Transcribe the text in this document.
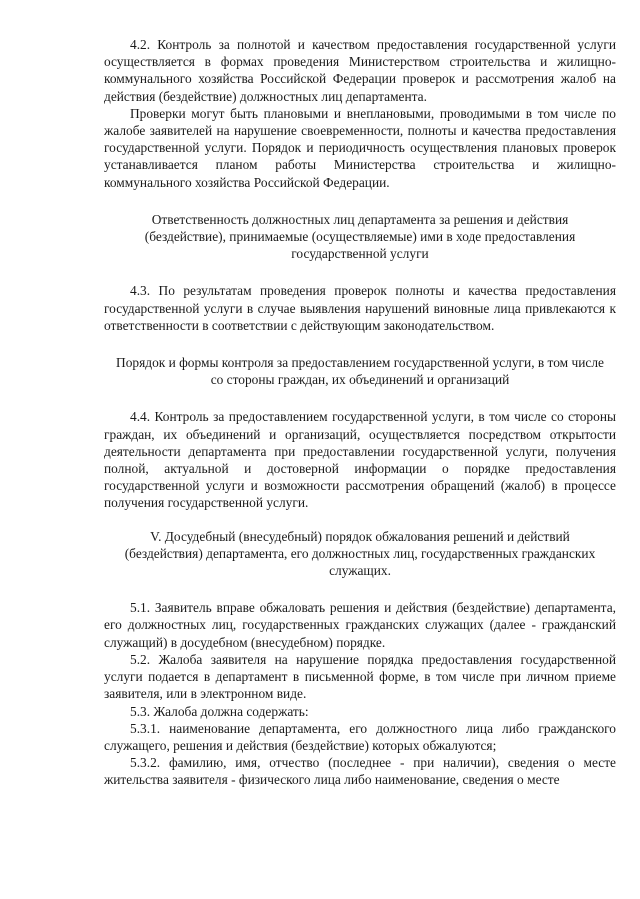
4.2. Контроль за полнотой и качеством предоставления государственной услуги осуществляется в формах проведения Министерством строительства и жилищно-коммунального хозяйства Российской Федерации проверок и рассмотрения жалоб на действия (бездействие) должностных лиц департамента.

Проверки могут быть плановыми и внеплановыми, проводимыми в том числе по жалобе заявителей на нарушение своевременности, полноты и качества предоставления государственной услуги. Порядок и периодичность осуществления плановых проверок устанавливается планом работы Министерства строительства и жилищно-коммунального хозяйства Российской Федерации.

Ответственность должностных лиц департамента за решения и действия (бездействие), принимаемые (осуществляемые) ими в ходе предоставления государственной услуги

4.3. По результатам проведения проверок полноты и качества предоставления государственной услуги в случае выявления нарушений виновные лица привлекаются к ответственности в соответствии с действующим законодательством.

Порядок и формы контроля за предоставлением государственной услуги, в том числе со стороны граждан, их объединений и организаций

4.4. Контроль за предоставлением государственной услуги, в том числе со стороны граждан, их объединений и организаций, осуществляется посредством открытости деятельности департамента при предоставлении государственной услуги, получения полной, актуальной и достоверной информации о порядке предоставления государственной услуги и возможности рассмотрения обращений (жалоб) в процессе получения государственной услуги.

V. Досудебный (внесудебный) порядок обжалования решений и действий (бездействия) департамента, его должностных лиц, государственных гражданских служащих.

5.1. Заявитель вправе обжаловать решения и действия (бездействие) департамента, его должностных лиц, государственных гражданских служащих (далее - гражданский служащий) в досудебном (внесудебном) порядке.

5.2. Жалоба заявителя на нарушение порядка предоставления государственной услуги подается в департамент в письменной форме, в том числе при личном приеме заявителя, или в электронном виде.

5.3. Жалоба должна содержать:

5.3.1. наименование департамента, его должностного лица либо гражданского служащего, решения и действия (бездействие) которых обжалуются;

5.3.2. фамилию, имя, отчество (последнее - при наличии), сведения о месте жительства заявителя - физического лица либо наименование, сведения о месте
